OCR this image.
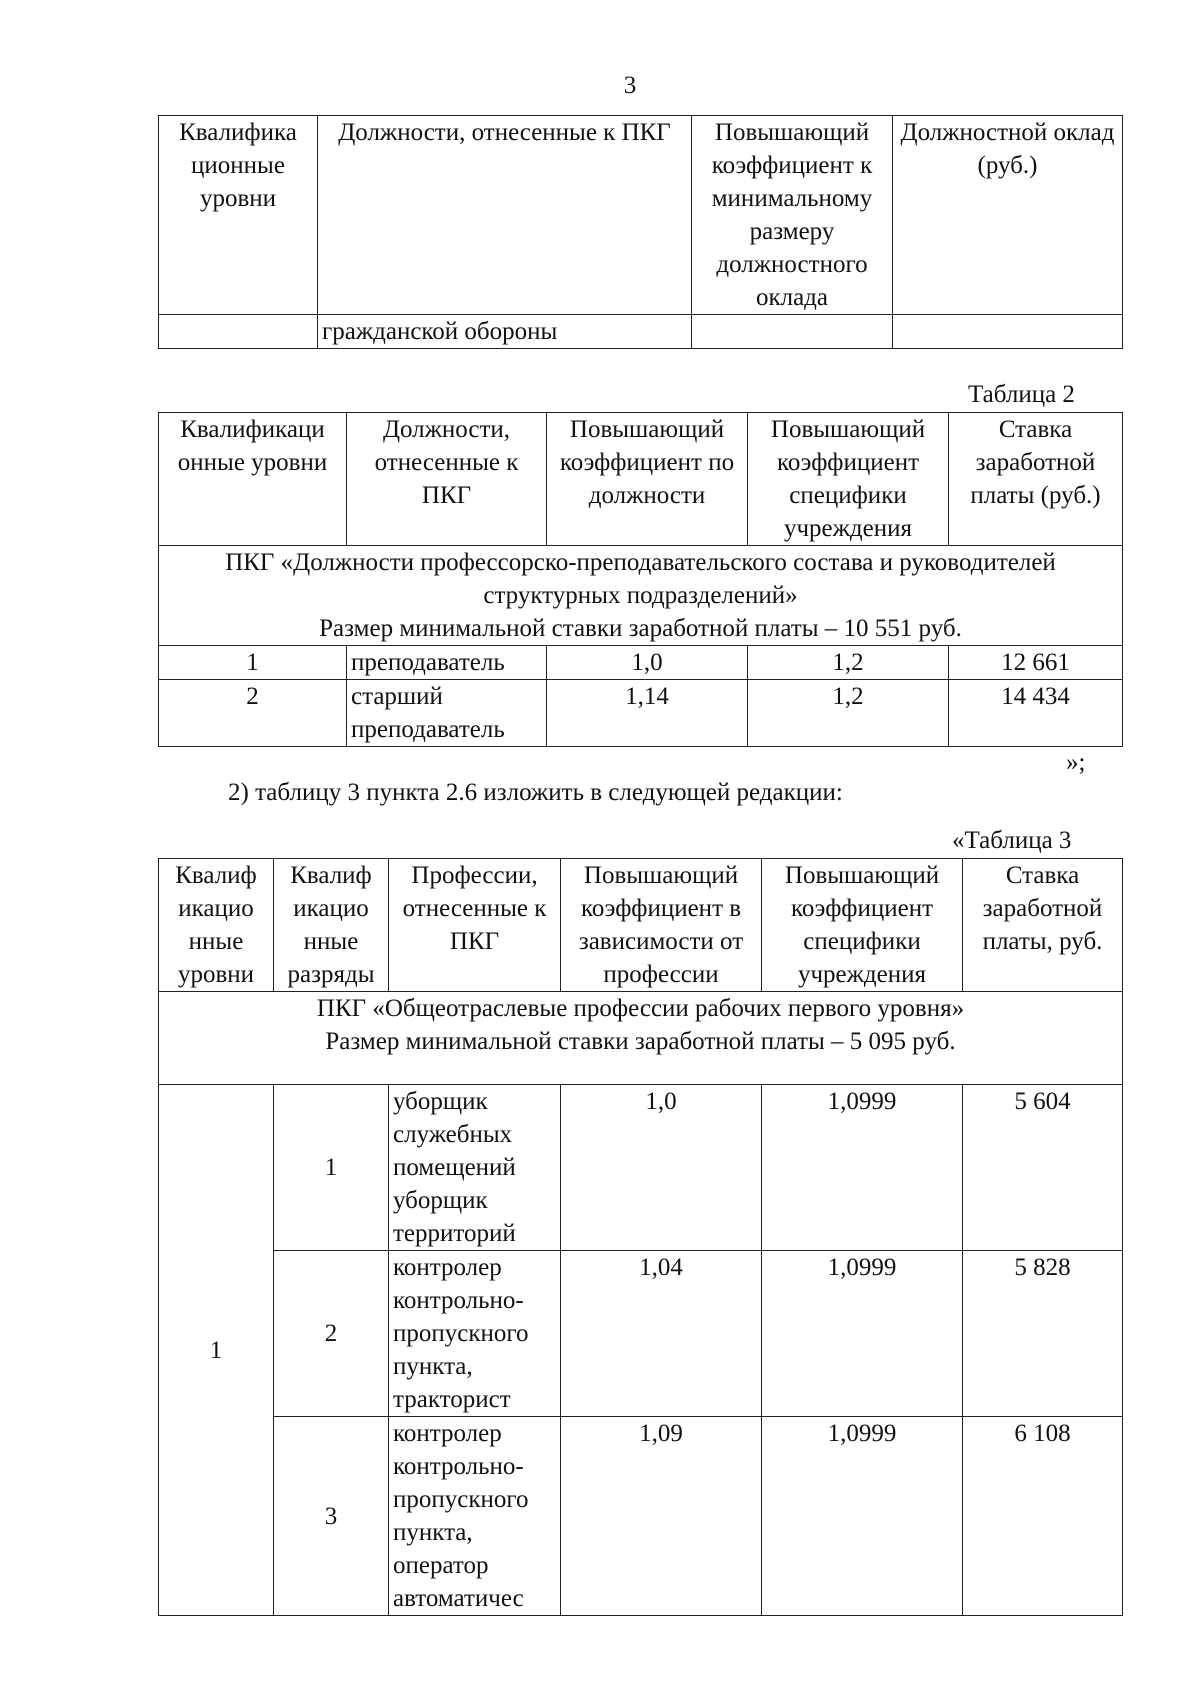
3
Квалифика ционные уровни	Должности, отнесенные к ПКГ	Повышающий коэффициент к минимальному размеру должностного оклада	Должностной оклад (руб.)
	гражданской обороны		
Таблица 2
Квалификаци онные уровни	Должности, отнесенные к ПКГ	Повышающий коэффициент по должности	Повышающий коэффициент специфики учреждения	Ставка заработной платы (руб.)

ПКГ «Должности профессорско-преподавательского состава и руководителей структурных подразделений»
Размер минимальной ставки заработной платы – 10 551 руб.				

1	преподаватель	1,0	1,2	12 661
2	старший преподаватель	1,14	1,2	14 434
»;
2) таблицу 3 пункта 2.6 изложить в следующей редакции:
«Таблица 3
Квалиф икацио нные уровни	Квалиф икацио нные разряды	Профессии, отнесенные к ПКГ	Повышающий коэффициент в зависимости от профессии	Повышающий коэффициент специфики учреждения	Ставка заработной платы, руб.

ПКГ «Общеотраслевые профессии рабочих первого уровня»
Размер минимальной ставки заработной платы – 5 095 руб.					

1	1	уборщик служебных помещений уборщик территорий	1,0	1,0999	5 604
	2	контролер контрольно-пропускного пункта, тракторист	1,04	1,0999	5 828
	3	контролер контрольно-пропускного пункта, оператор автоматичес	1,09	1,0999	6 108
